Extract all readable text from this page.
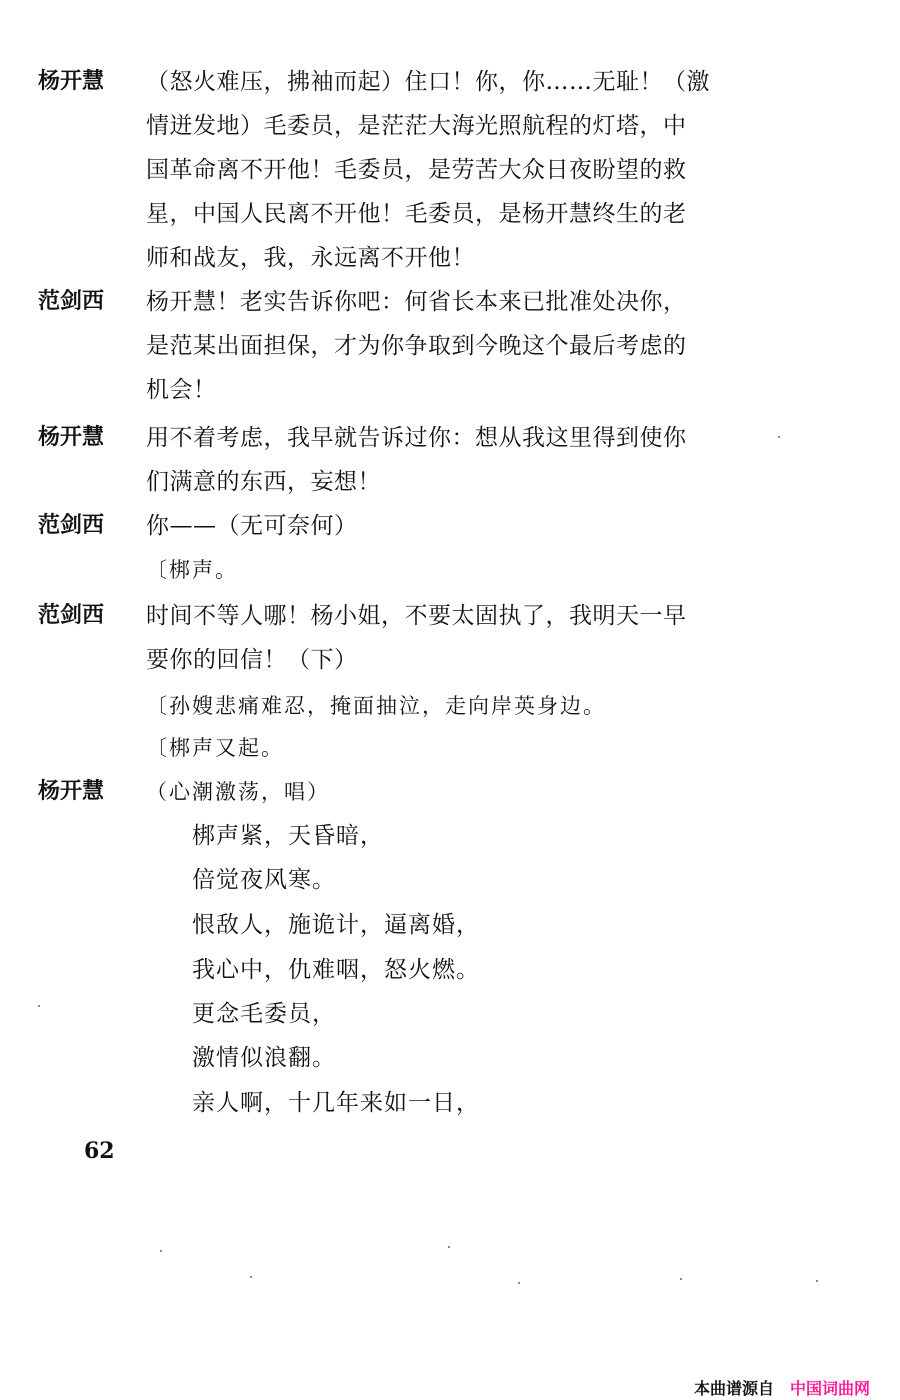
杨开慧	（怒火难压，拂袖而起）住口！你，你……无耻！（激
情迸发地）毛委员，是茫茫大海光照航程的灯塔，中
国革命离不开他！毛委员，是劳苦大众日夜盼望的救
星，中国人民离不开他！毛委员，是杨开慧终生的老
师和战友，我，永远离不开他！
范剑西	杨开慧！老实告诉你吧：何省长本来已批准处决你，
是范某出面担保，才为你争取到今晚这个最后考虑的
机会！
杨开慧	用不着考虑，我早就告诉过你：想从我这里得到使你
们满意的东西，妄想！
范剑西	你——（无可奈何）
〔梆声。
范剑西	时间不等人哪！杨小姐，不要太固执了，我明天一早
要你的回信！（下）
〔孙嫂悲痛难忍，掩面抽泣，走向岸英身边。
〔梆声又起。
杨开慧	（心潮激荡，唱）
梆声紧，天昏暗，
倍觉夜风寒。
恨敌人，施诡计，逼离婚，
我心中，仇难咽，怒火燃。
更念毛委员，
激情似浪翻。
亲人啊，十几年来如一日，
62
本曲谱源自 中国词曲网
